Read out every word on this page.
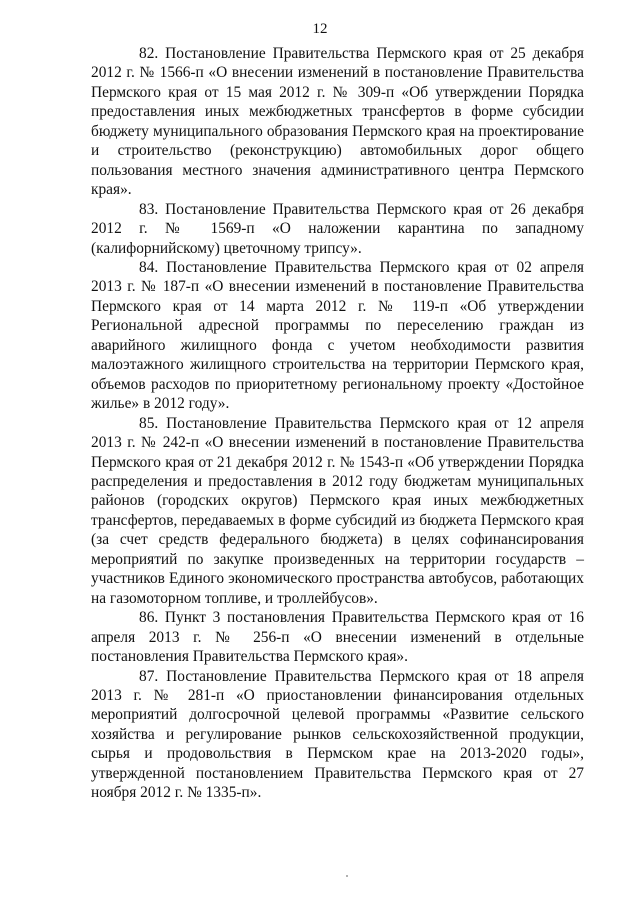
12

82. Постановление Правительства Пермского края от 25 декабря 2012 г. № 1566-п «О внесении изменений в постановление Правительства Пермского края от 15 мая 2012 г. № 309-п «Об утверждении Порядка предоставления иных межбюджетных трансфертов в форме субсидии бюджету муниципального образования Пермского края на проектирование и строительство (реконструкцию) автомобильных дорог общего пользования местного значения административного центра Пермского края».

83. Постановление Правительства Пермского края от 26 декабря 2012 г. № 1569-п «О наложении карантина по западному (калифорнийскому) цветочному трипсу».

84. Постановление Правительства Пермского края от 02 апреля 2013 г. № 187-п «О внесении изменений в постановление Правительства Пермского края от 14 марта 2012 г. № 119-п «Об утверждении Региональной адресной программы по переселению граждан из аварийного жилищного фонда с учетом необходимости развития малоэтажного жилищного строительства на территории Пермского края, объемов расходов по приоритетному региональному проекту «Достойное жилье» в 2012 году».

85. Постановление Правительства Пермского края от 12 апреля 2013 г. № 242-п «О внесении изменений в постановление Правительства Пермского края от 21 декабря 2012 г. № 1543-п «Об утверждении Порядка распределения и предоставления в 2012 году бюджетам муниципальных районов (городских округов) Пермского края иных межбюджетных трансфертов, передаваемых в форме субсидий из бюджета Пермского края (за счет средств федерального бюджета) в целях софинансирования мероприятий по закупке произведенных на территории государств – участников Единого экономического пространства автобусов, работающих на газомоторном топливе, и троллейбусов».

86. Пункт 3 постановления Правительства Пермского края от 16 апреля 2013 г. № 256-п «О внесении изменений в отдельные постановления Правительства Пермского края».

87. Постановление Правительства Пермского края от 18 апреля 2013 г. № 281-п «О приостановлении финансирования отдельных мероприятий долгосрочной целевой программы «Развитие сельского хозяйства и регулирование рынков сельскохозяйственной продукции, сырья и продовольствия в Пермском крае на 2013-2020 годы», утвержденной постановлением Правительства Пермского края от 27 ноября 2012 г. № 1335-п».
